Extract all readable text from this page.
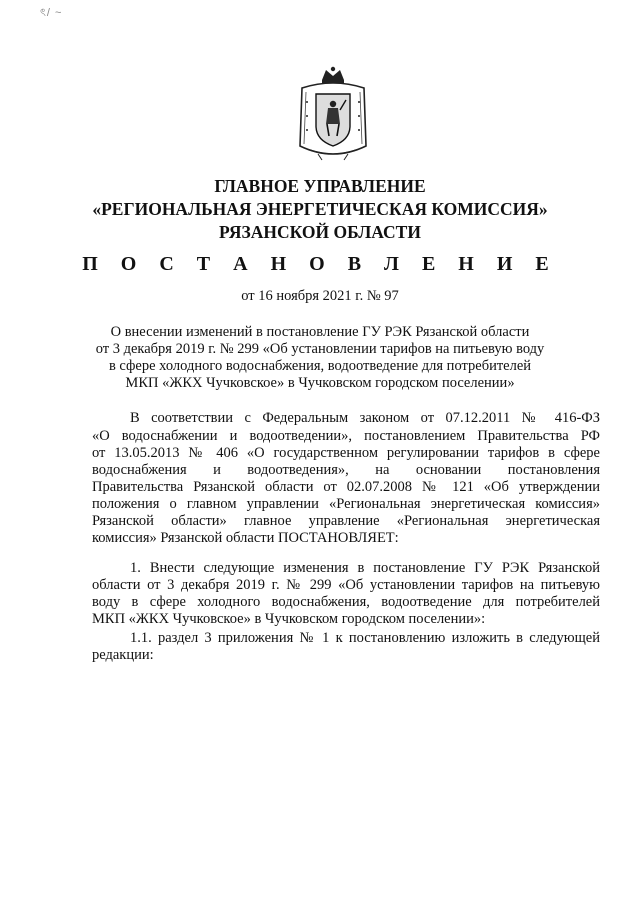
ৎ/ ~
ГЛАВНОЕ УПРАВЛЕНИЕ
«РЕГИОНАЛЬНАЯ ЭНЕРГЕТИЧЕСКАЯ КОМИССИЯ»
РЯЗАНСКОЙ ОБЛАСТИ
П О С Т А Н О В Л Е Н И Е
от 16 ноября 2021 г. № 97
О внесении изменений в постановление ГУ РЭК Рязанской области
от 3 декабря 2019 г. № 299 «Об установлении тарифов на питьевую воду
в сфере холодного водоснабжения, водоотведение для потребителей
МКП «ЖКХ Чучковское» в Чучковском городском поселении»
В соответствии с Федеральным законом от 07.12.2011 № 416-ФЗ
«О водоснабжении и водоотведении», постановлением Правительства РФ
от 13.05.2013 № 406 «О государственном регулировании тарифов в сфере
водоснабжения и водоотведения», на основании постановления
Правительства Рязанской области от 02.07.2008 № 121 «Об утверждении
положения о главном управлении «Региональная энергетическая комиссия»
Рязанской области» главное управление «Региональная энергетическая
комиссия» Рязанской области ПОСТАНОВЛЯЕТ:
1. Внести следующие изменения в постановление ГУ РЭК Рязанской
области от 3 декабря 2019 г. № 299 «Об установлении тарифов на питьевую
воду в сфере холодного водоснабжения, водоотведение для потребителей
МКП «ЖКХ Чучковское» в Чучковском городском поселении»:
1.1. раздел 3 приложения № 1 к постановлению изложить в следующей
редакции:
